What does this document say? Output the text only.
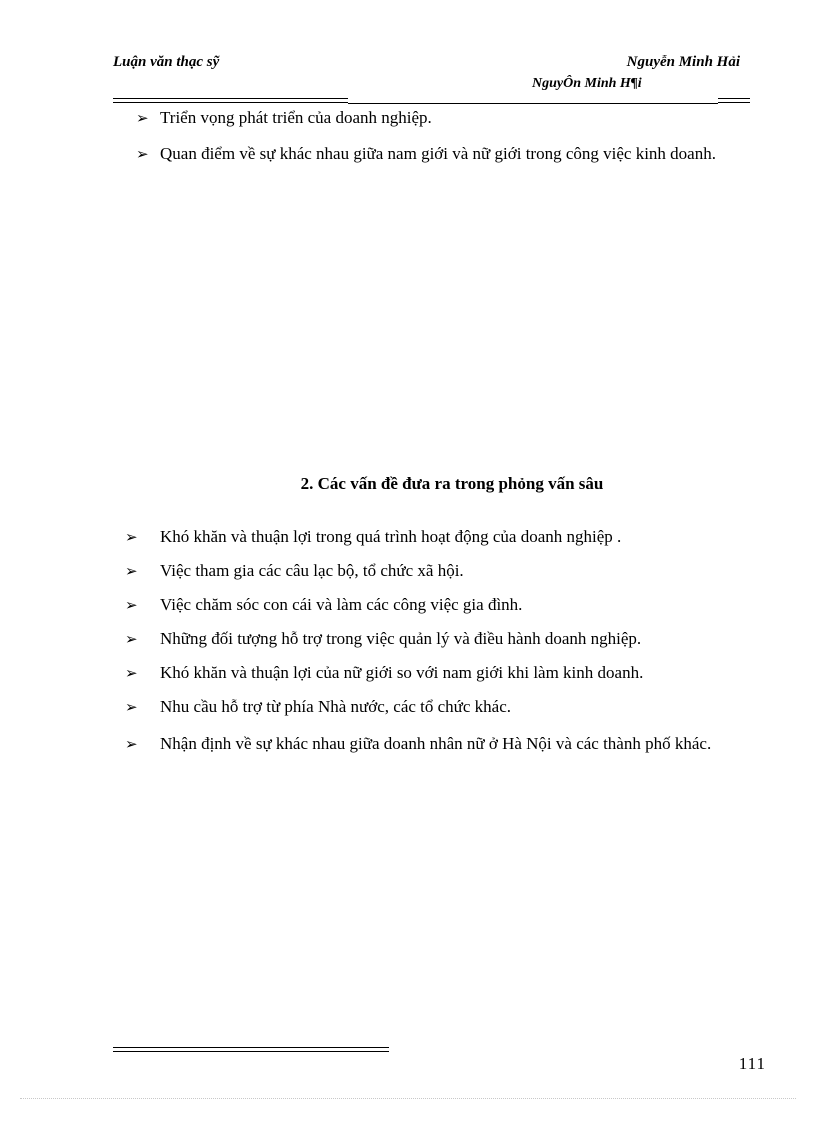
Luận văn thạc sỹ	Nguyễn Minh Hải
NguyÔn Minh H¶i
➢ Triển vọng phát triển của doanh nghiệp.
➢ Quan điểm về sự khác nhau giữa nam giới và nữ giới trong công việc kinh doanh.
2. Các vấn đề đưa ra trong phỏng vấn sâu
➢ Khó khăn và thuận lợi trong quá trình hoạt động của doanh nghiệp .
➢ Việc tham gia các câu lạc bộ, tổ chức xã hội.
➢ Việc chăm sóc con cái và làm các công việc gia đình.
➢ Những đối tượng hỗ trợ trong việc quản lý và điều hành doanh nghiệp.
➢ Khó khăn và thuận lợi của nữ giới so với nam giới khi làm kinh doanh.
➢ Nhu cầu hỗ trợ từ phía Nhà nước, các tổ chức khác.
➢ Nhận định về sự khác nhau giữa doanh nhân nữ ở Hà Nội và các thành phố khác.
111
